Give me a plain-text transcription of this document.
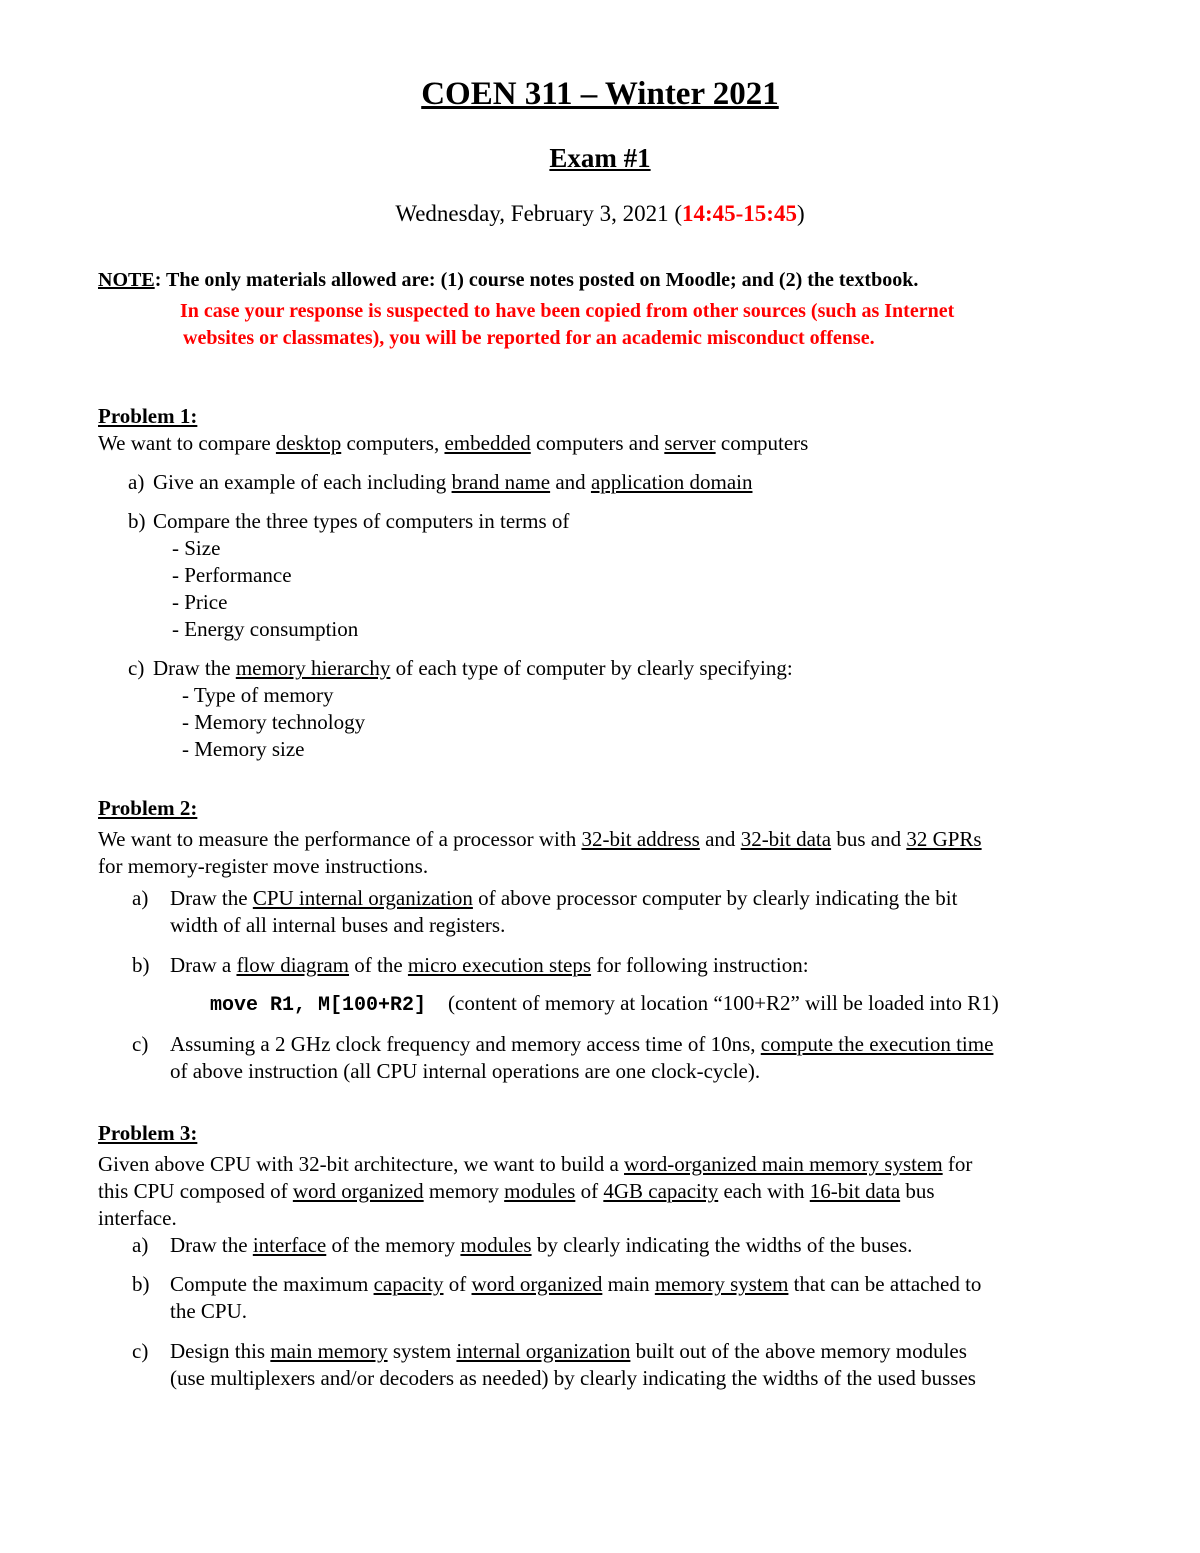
COEN 311 – Winter 2021
Exam #1
Wednesday, February 3, 2021 (14:45-15:45)
NOTE: The only materials allowed are: (1) course notes posted on Moodle; and (2) the textbook.
In case your response is suspected to have been copied from other sources (such as Internet
websites or classmates), you will be reported for an academic misconduct offense.
Problem 1:
We want to compare desktop computers, embedded computers and server computers
a) Give an example of each including brand name and application domain
b) Compare the three types of computers in terms of
- Size
- Performance
- Price
- Energy consumption
c) Draw the memory hierarchy of each type of computer by clearly specifying:
- Type of memory
- Memory technology
- Memory size
Problem 2:
We want to measure the performance of a processor with 32-bit address and 32-bit data bus and 32 GPRs
for memory-register move instructions.
a) Draw the CPU internal organization of above processor computer by clearly indicating the bit
width of all internal buses and registers.
b) Draw a flow diagram of the micro execution steps for following instruction:
move R1, M[100+R2] (content of memory at location “100+R2” will be loaded into R1)
c) Assuming a 2 GHz clock frequency and memory access time of 10ns, compute the execution time
of above instruction (all CPU internal operations are one clock-cycle).
Problem 3:
Given above CPU with 32-bit architecture, we want to build a word-organized main memory system for
this CPU composed of word organized memory modules of 4GB capacity each with 16-bit data bus
interface.
a) Draw the interface of the memory modules by clearly indicating the widths of the buses.
b) Compute the maximum capacity of word organized main memory system that can be attached to
the CPU.
c) Design this main memory system internal organization built out of the above memory modules
(use multiplexers and/or decoders as needed) by clearly indicating the widths of the used busses
